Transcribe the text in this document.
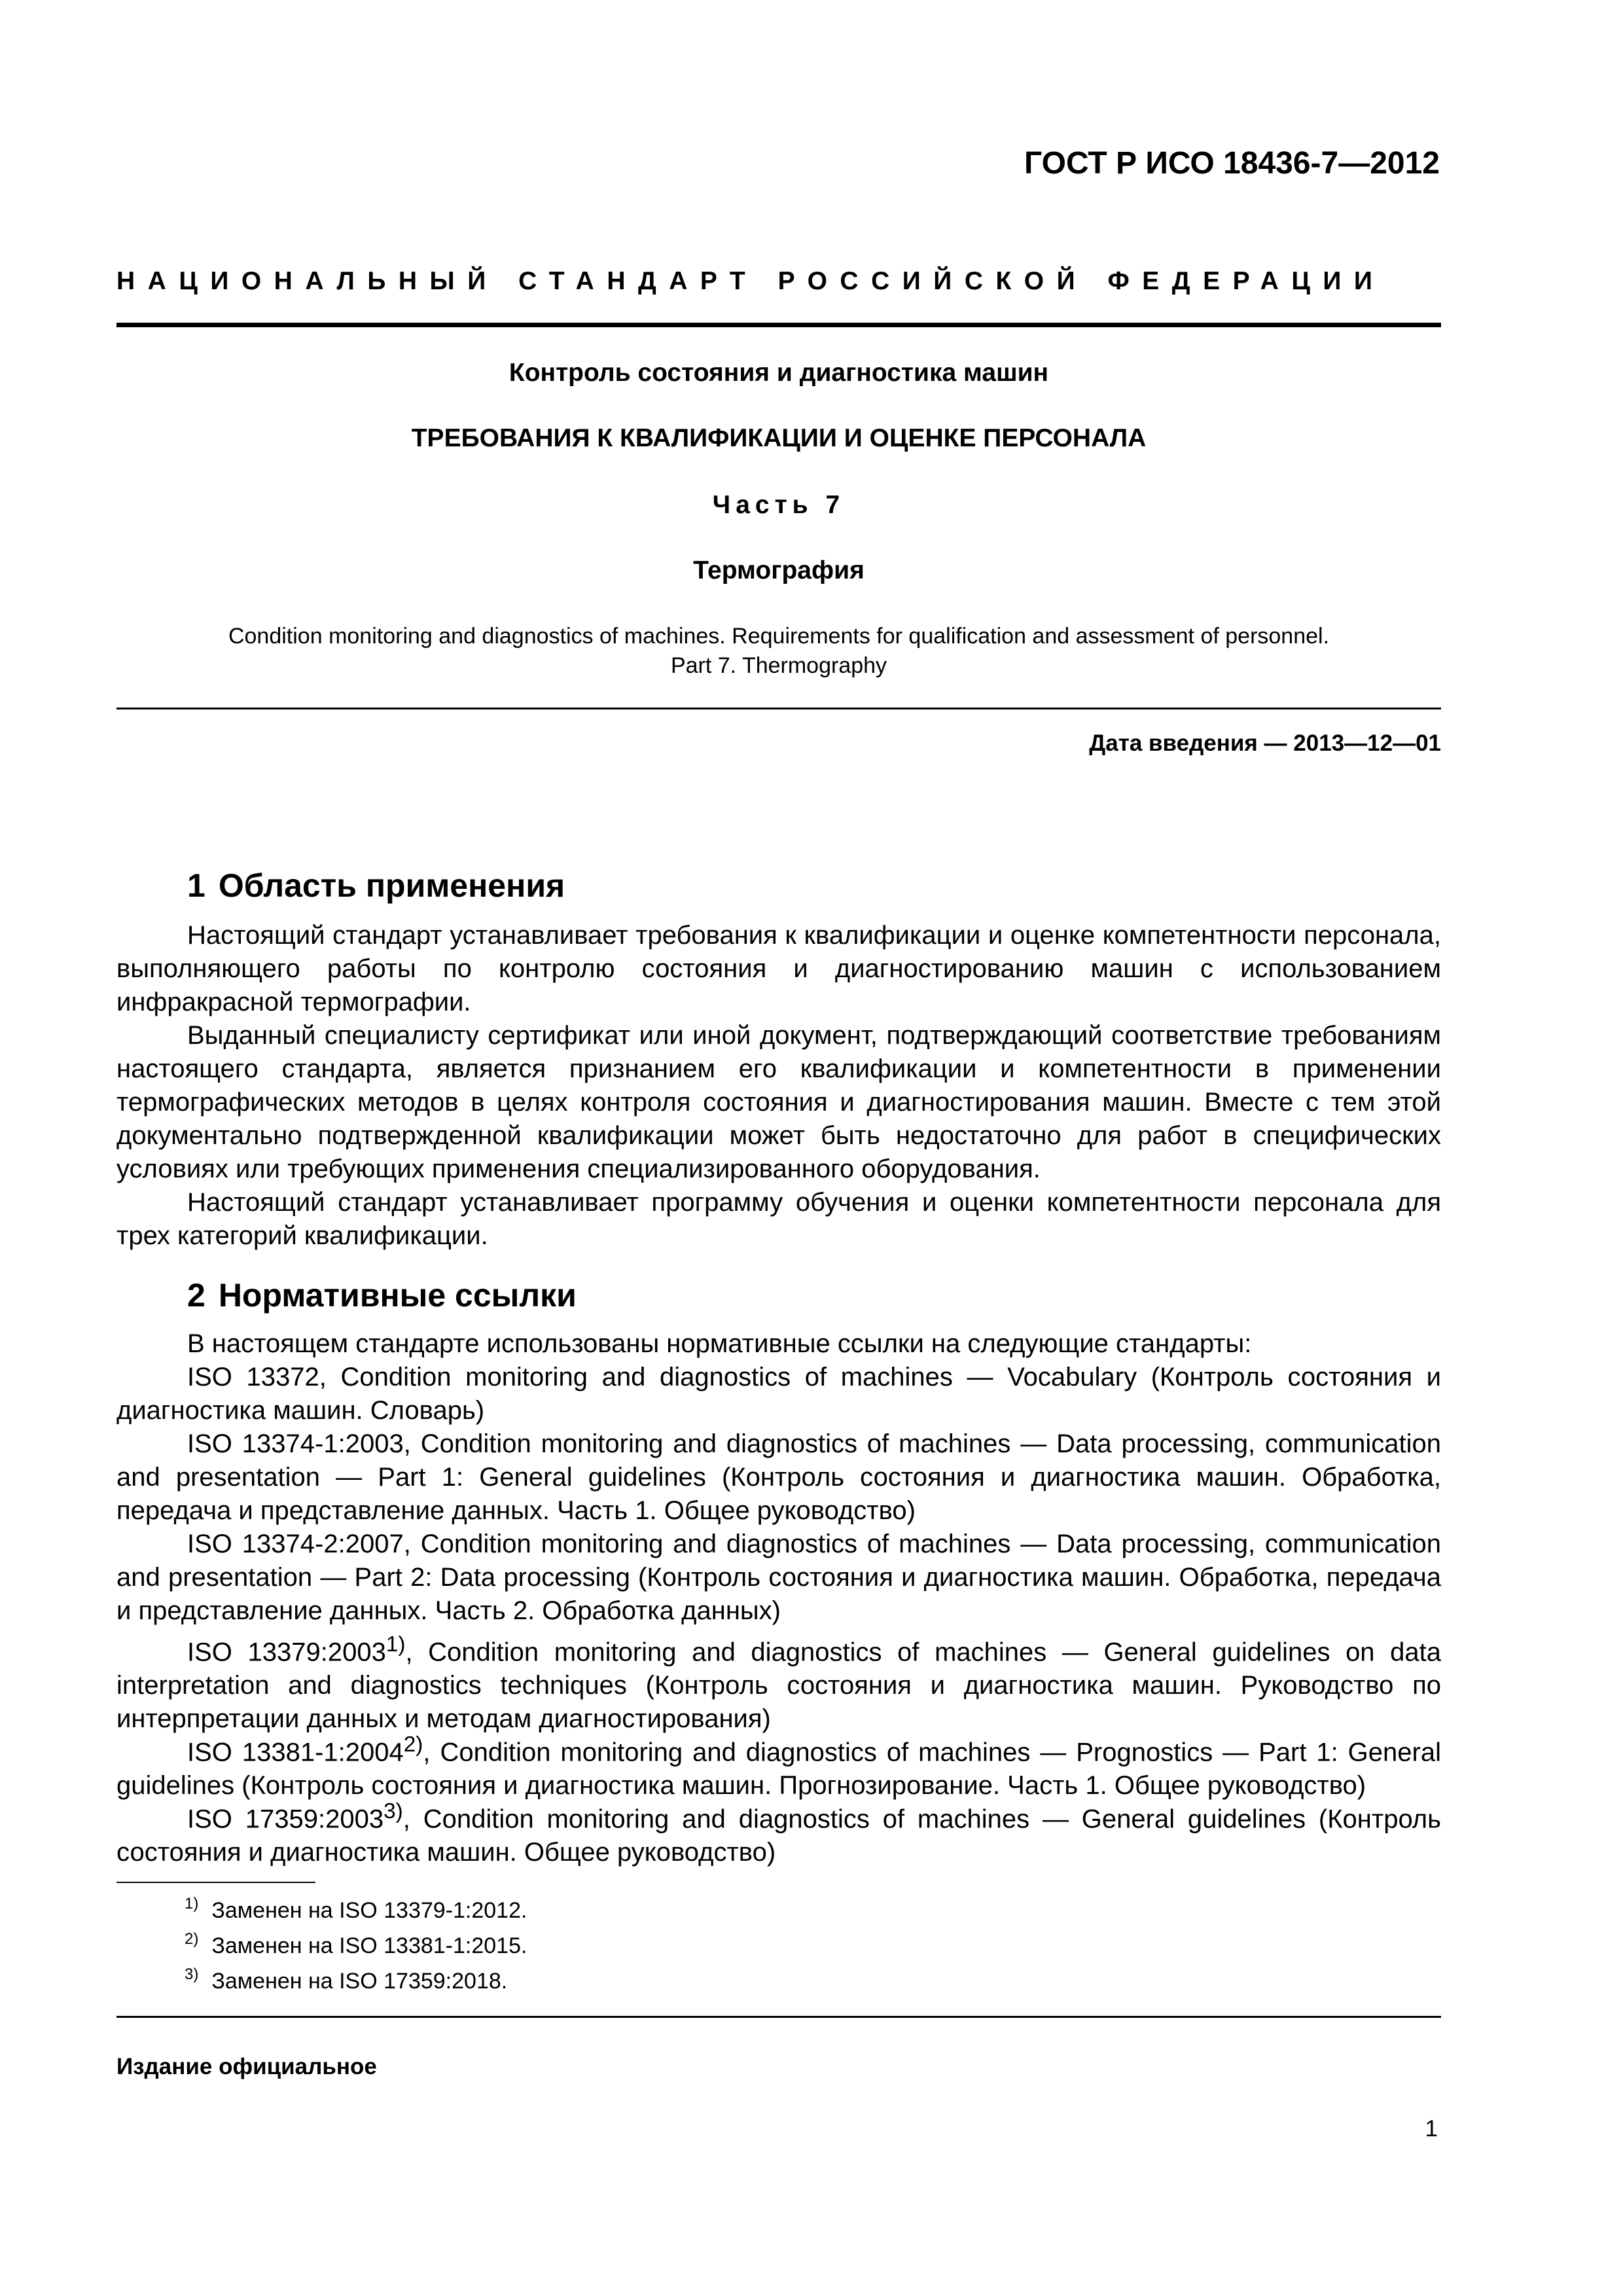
ГОСТ Р ИСО 18436-7—2012
НАЦИОНАЛЬНЫЙ СТАНДАРТ РОССИЙСКОЙ ФЕДЕРАЦИИ
Контроль состояния и диагностика машин
ТРЕБОВАНИЯ К КВАЛИФИКАЦИИ И ОЦЕНКЕ ПЕРСОНАЛА
Часть 7
Термография
Condition monitoring and diagnostics of machines. Requirements for qualification and assessment of personnel.
Part 7. Thermography
Дата введения — 2013—12—01
1 Область применения

Настоящий стандарт устанавливает требования к квалификации и оценке компетентности персонала, выполняющего работы по контролю состояния и диагностированию машин с использованием инфракрасной термографии.

Выданный специалисту сертификат или иной документ, подтверждающий соответствие требованиям настоящего стандарта, является признанием его квалификации и компетентности в применении термографических методов в целях контроля состояния и диагностирования машин. Вместе с тем этой документально подтвержденной квалификации может быть недостаточно для работ в специфических условиях или требующих применения специализированного оборудования.

Настоящий стандарт устанавливает программу обучения и оценки компетентности персонала для трех категорий квалификации.

2 Нормативные ссылки

В настоящем стандарте использованы нормативные ссылки на следующие стандарты:

ISO 13372, Condition monitoring and diagnostics of machines — Vocabulary (Контроль состояния и диагностика машин. Словарь)

ISO 13374-1:2003, Condition monitoring and diagnostics of machines — Data processing, communication and presentation — Part 1: General guidelines (Контроль состояния и диагностика машин. Обработка, передача и представление данных. Часть 1. Общее руководство)

ISO 13374-2:2007, Condition monitoring and diagnostics of machines — Data processing, communication and presentation — Part 2: Data processing (Контроль состояния и диагностика машин. Обработка, передача и представление данных. Часть 2. Обработка данных)

ISO 13379:2003$^{1)}$, Condition monitoring and diagnostics of machines — General guidelines on data interpretation and diagnostics techniques (Контроль состояния и диагностика машин. Руководство по интерпретации данных и методам диагностирования)

ISO 13381-1:2004$^{2)}$, Condition monitoring and diagnostics of machines — Prognostics — Part 1: General guidelines (Контроль состояния и диагностика машин. Прогнозирование. Часть 1. Общее руководство)

ISO 17359:2003$^{3)}$, Condition monitoring and diagnostics of machines — General guidelines (Контроль состояния и диагностика машин. Общее руководство)

$^{1)}$ Заменен на ISO 13379-1:2012.
$^{2)}$ Заменен на ISO 13381-1:2015.
$^{3)}$ Заменен на ISO 17359:2018.
Издание официальное
1
